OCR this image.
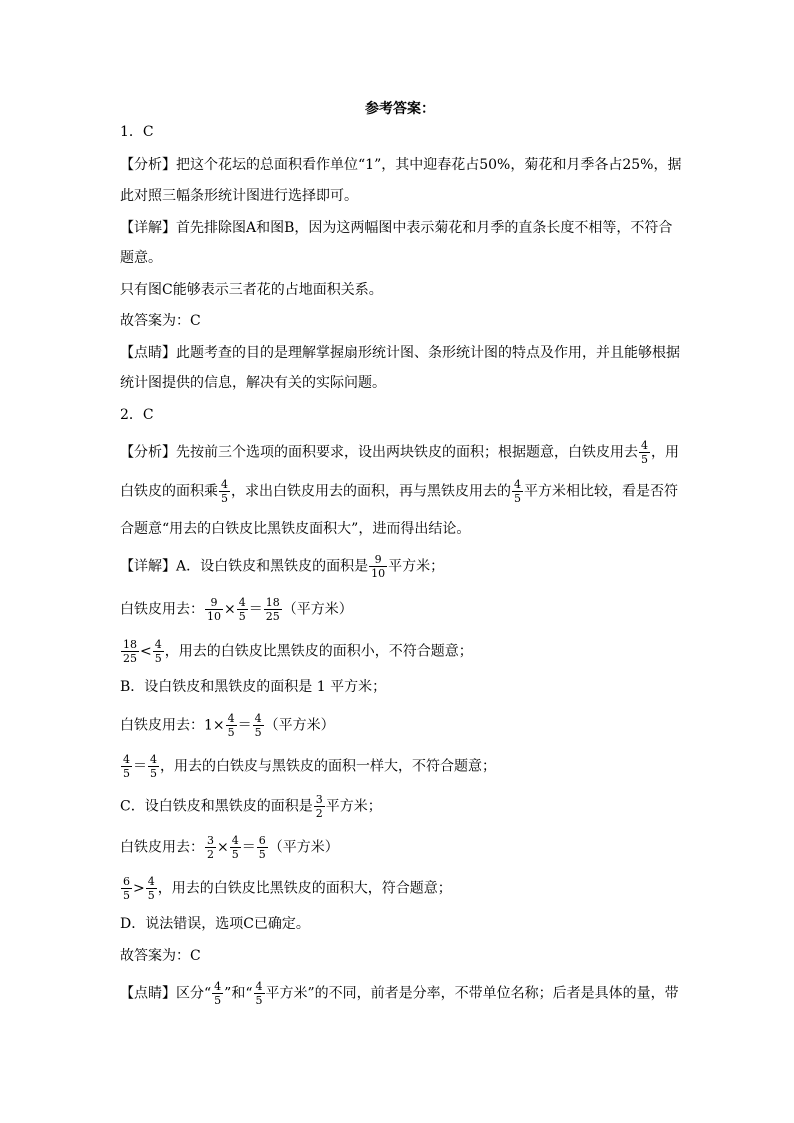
参考答案：
1．C
【分析】把这个花坛的总面积看作单位“1”，其中迎春花占50%，菊花和月季各占25%，据
此对照三幅条形统计图进行选择即可。
【详解】首先排除图A和图B，因为这两幅图中表示菊花和月季的直条长度不相等，不符合
题意。
只有图C能够表示三者花的占地面积关系。
故答案为：C
【点睛】此题考查的目的是理解掌握扇形统计图、条形统计图的特点及作用，并且能够根据
统计图提供的信息，解决有关的实际问题。
2．C
【分析】先按前三个选项的面积要求，设出两块铁皮的面积；根据题意，白铁皮用去 $\frac{4}{5}$ ，用
白铁皮的面积乘 $\frac{4}{5}$ ，求出白铁皮用去的面积，再与黑铁皮用去的 $\frac{4}{5}$ 平方米相比较，看是否符
合题意“用去的白铁皮比黑铁皮面积大”，进而得出结论。
【详解】A．设白铁皮和黑铁皮的面积是 $\frac{9}{10}$ 平方米；
白铁皮用去： $\frac{9}{10} \times \frac{4}{5} = \frac{18}{25}$ （平方米）
$\frac{18}{25} < \frac{4}{5}$ ，用去的白铁皮比黑铁皮的面积小，不符合题意；
B．设白铁皮和黑铁皮的面积是 1 平方米；
白铁皮用去：$1\times \frac{4}{5} = \frac{4}{5}$ （平方米）
$\frac{4}{5} = \frac{4}{5}$ ，用去的白铁皮与黑铁皮的面积一样大，不符合题意；
C．设白铁皮和黑铁皮的面积是 $\frac{3}{2}$ 平方米；
白铁皮用去： $\frac{3}{2} \times \frac{4}{5} = \frac{6}{5}$ （平方米）
$\frac{6}{5} > \frac{4}{5}$ ，用去的白铁皮比黑铁皮的面积大，符合题意；
D．说法错误，选项C已确定。
故答案为：C
【点睛】区分“ $\frac{4}{5}$ ”和“ $\frac{4}{5}$ 平方米”的不同，前者是分率，不带单位名称；后者是具体的量，带
